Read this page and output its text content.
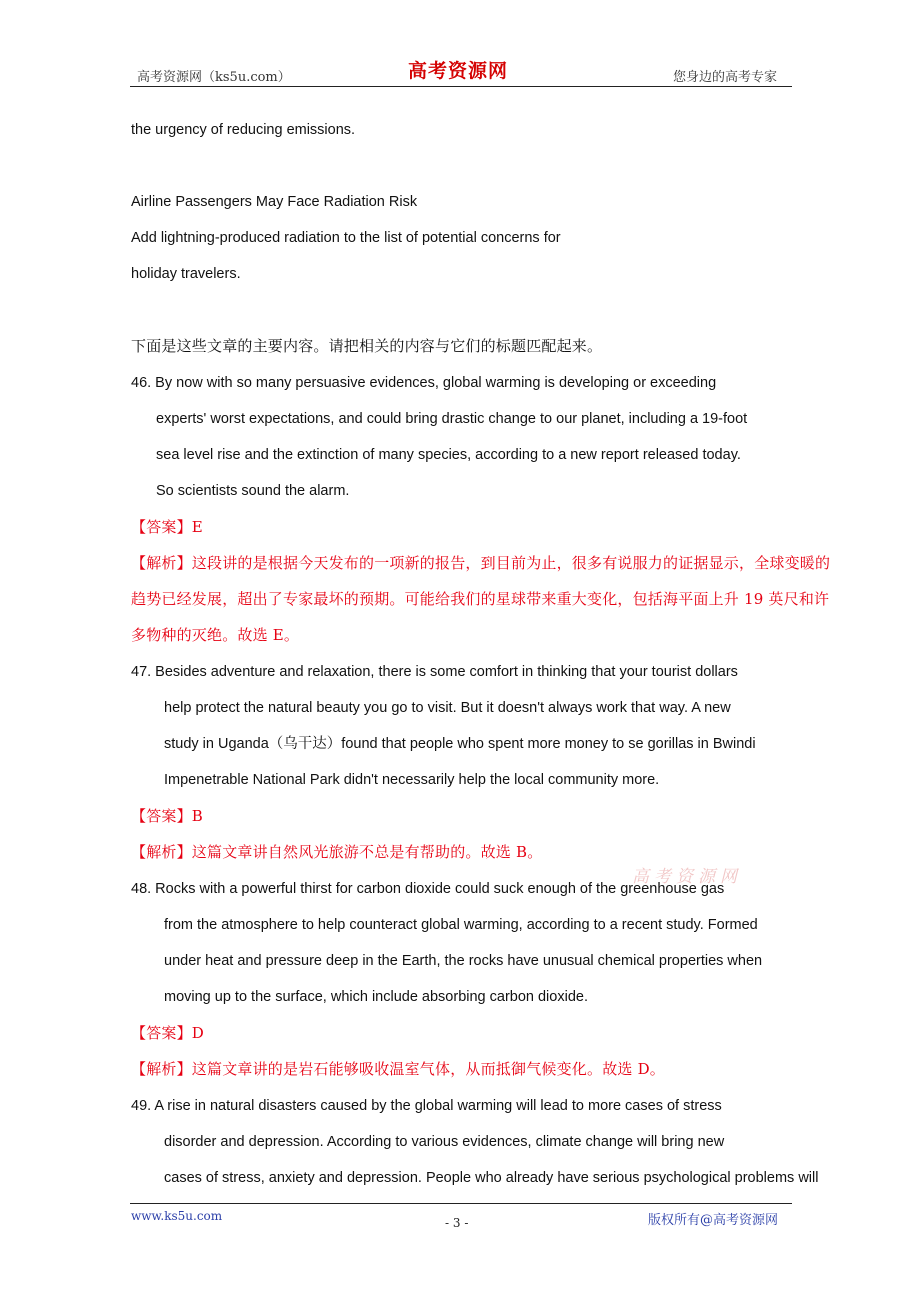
高考资源网（ks5u.com）	高考资源网	您身边的高考专家
the urgency of reducing emissions.
Airline Passengers May Face Radiation Risk
Add lightning-produced radiation to the list of potential concerns for
holiday travelers.
下面是这些文章的主要内容。请把相关的内容与它们的标题匹配起来。
46. By now with so many persuasive evidences, global warming is developing or exceeding
experts' worst expectations, and could bring drastic change to our planet, including a 19-foot
sea level rise and the extinction of many species, according to a new report released today.
So scientists sound the alarm.
【答案】E
【解析】这段讲的是根据今天发布的一项新的报告，到目前为止，很多有说服力的证据显示，全球变暖的
趋势已经发展，超出了专家最坏的预期。可能给我们的星球带来重大变化，包括海平面上升 19 英尺和许
多物种的灭绝。故选 E。
47. Besides adventure and relaxation, there is some comfort in thinking that your tourist dollars
help protect the natural beauty you go to visit. But it doesn't always work that way. A new
study in Uganda（乌干达）found that people who spent more money to se gorillas in Bwindi
Impenetrable National Park didn't necessarily help the local community more.
【答案】B
【解析】这篇文章讲自然风光旅游不总是有帮助的。故选 B。
高考资源网
48. Rocks with a powerful thirst for carbon dioxide could suck enough of the greenhouse gas
from the atmosphere to help counteract global warming, according to a recent study. Formed
under heat and pressure deep in the Earth, the rocks have unusual chemical properties when
moving up to the surface, which include absorbing carbon dioxide.
【答案】D
【解析】这篇文章讲的是岩石能够吸收温室气体，从而抵御气候变化。故选 D。
49. A rise in natural disasters caused by the global warming will lead to more cases of stress
disorder and depression. According to various evidences, climate change will bring new
cases of stress, anxiety and depression. People who already have serious psychological problems will
www.ks5u.com	- 3 -	版权所有@高考资源网
